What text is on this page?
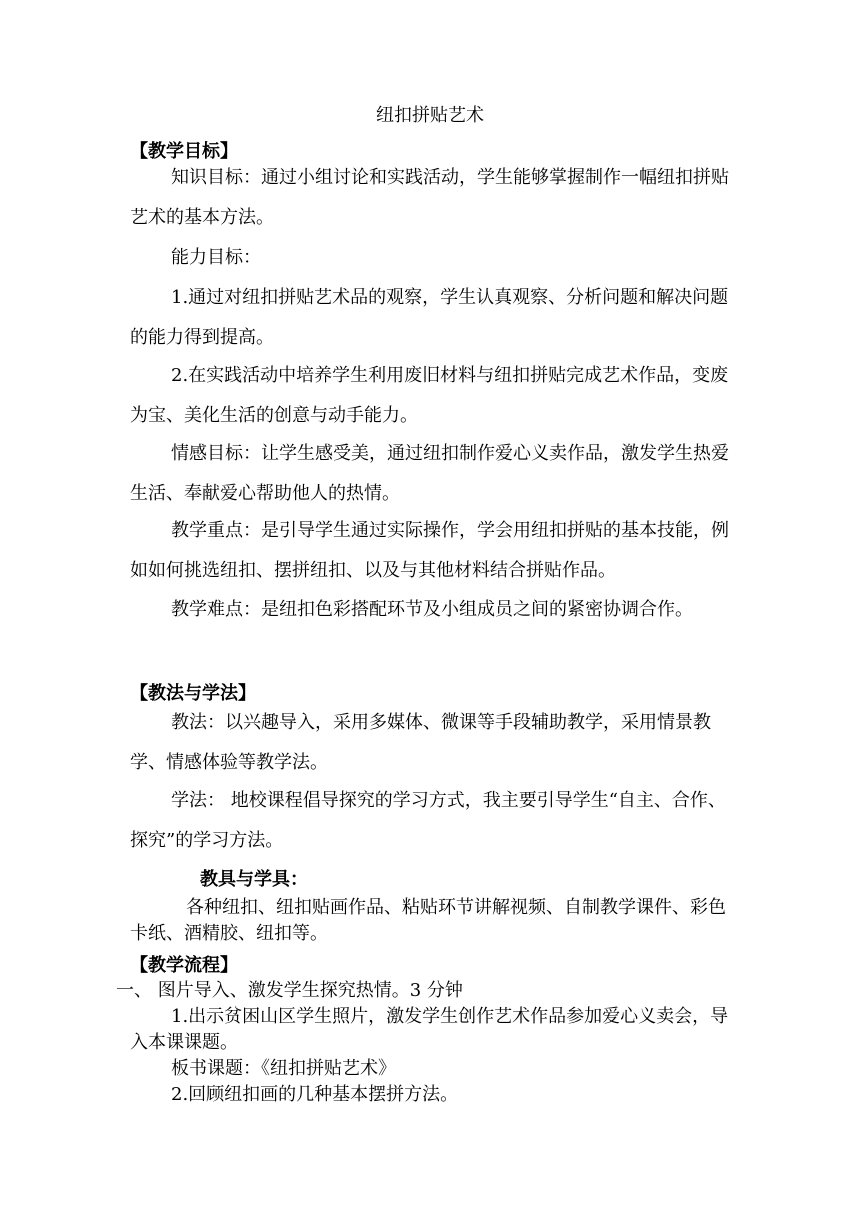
纽扣拼贴艺术
【教学目标】
知识目标：通过小组讨论和实践活动，学生能够掌握制作一幅纽扣拼贴艺术的基本方法。
能力目标：
1.通过对纽扣拼贴艺术品的观察，学生认真观察、分析问题和解决问题的能力得到提高。
2.在实践活动中培养学生利用废旧材料与纽扣拼贴完成艺术作品，变废为宝、美化生活的创意与动手能力。
情感目标：让学生感受美，通过纽扣制作爱心义卖作品，激发学生热爱生活、奉献爱心帮助他人的热情。
教学重点：是引导学生通过实际操作，学会用纽扣拼贴的基本技能，例如如何挑选纽扣、摆拼纽扣、以及与其他材料结合拼贴作品。
教学难点：是纽扣色彩搭配环节及小组成员之间的紧密协调合作。
【教法与学法】
教法：以兴趣导入，采用多媒体、微课等手段辅助教学，采用情景教学、情感体验等教学法。
学法： 地校课程倡导探究的学习方式，我主要引导学生“自主、合作、探究”的学习方法。
教具与学具：
各种纽扣、纽扣贴画作品、粘贴环节讲解视频、自制教学课件、彩色卡纸、酒精胶、纽扣等。
【教学流程】
一、 图片导入、激发学生探究热情。3 分钟
1.出示贫困山区学生照片，激发学生创作艺术作品参加爱心义卖会，导入本课课题。
板书课题：《纽扣拼贴艺术》
2.回顾纽扣画的几种基本摆拼方法。
